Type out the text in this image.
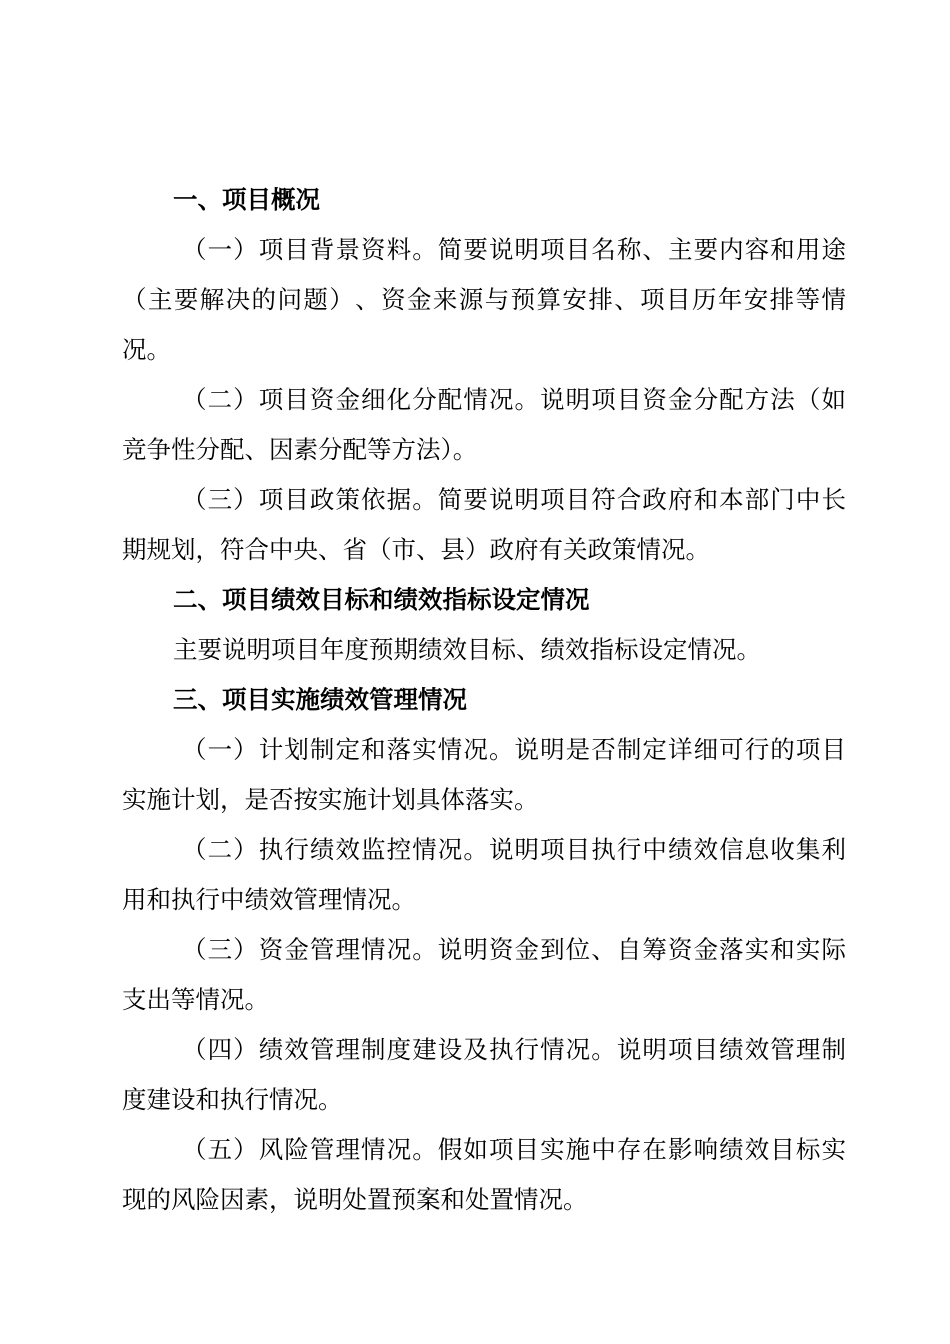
一、项目概况
（ 一 ） 项 目 背 景 资 料 。 简 要 说 明 项 目 名 称 、 主 要 内 容 和 用 途
（ 主 要 解 决 的 问 题 ） 、 资 金 来 源 与 预 算 安 排 、 项 目 历 年 安 排 等 情
况。
（ 二 ） 项 目 资 金 细 化 分 配 情 况 。 说 明 项 目 资 金 分 配 方 法 （ 如
竞争性分配、因素分配等方法）。
（ 三 ） 项 目 政 策 依 据 。 简 要 说 明 项 目 符 合 政 府 和 本 部 门 中 长
期规划，符合中央、省（市、县）政府有关政策情况。
二、项目绩效目标和绩效指标设定情况
主要说明项目年度预期绩效目标、绩效指标设定情况。
三、项目实施绩效管理情况
（ 一 ） 计 划 制 定 和 落 实 情 况 。 说 明 是 否 制 定 详 细 可 行 的 项 目
实施计划，是否按实施计划具体落实。
（ 二 ） 执 行 绩 效 监 控 情 况 。 说 明 项 目 执 行 中 绩 效 信 息 收 集 利
用和执行中绩效管理情况。
（ 三 ） 资 金 管 理 情 况 。 说 明 资 金 到 位 、 自 筹 资 金 落 实 和 实 际
支出等情况。
（ 四 ） 绩 效 管 理 制 度 建 设 及 执 行 情 况 。 说 明 项 目 绩 效 管 理 制
度建设和执行情况。
（ 五 ） 风 险 管 理 情 况 。 假 如 项 目 实 施 中 存 在 影 响 绩 效 目 标 实
现的风险因素，说明处置预案和处置情况。
